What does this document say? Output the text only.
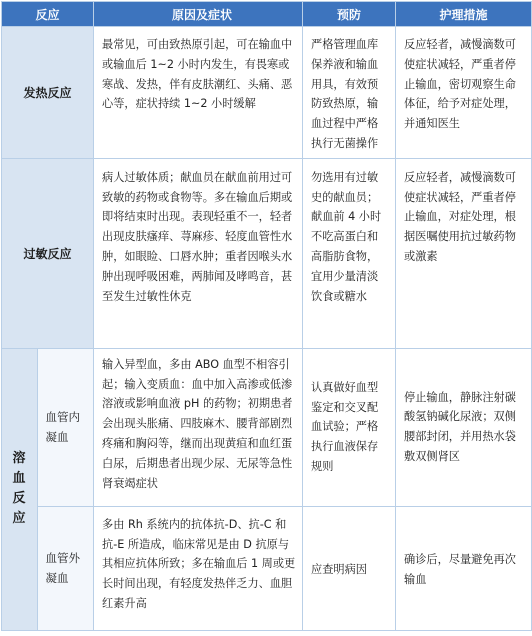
反应		原因及症状	预防	护理措施
发热反应		最常见，可由致热原引起，可在输血中或输血后 1~2 小时内发生，有畏寒或寒战、发热，伴有皮肤潮红、头痛、恶心等，症状持续 1~2 小时缓解	严格管理血库保养液和输血用具，有效预防致热原，输血过程中严格执行无菌操作	反应轻者，减慢滴数可使症状减轻，严重者停止输血，密切观察生命体征，给予对症处理，并通知医生
过敏反应		病人过敏体质；献血员在献血前用过可致敏的药物或食物等。多在输血后期或即将结束时出现。表现轻重不一，轻者出现皮肤瘙痒、荨麻疹、轻度血管性水肿，如眼睑、口唇水肿；重者因喉头水肿出现呼吸困难，两肺闻及哮鸣音，甚至发生过敏性休克	勿选用有过敏史的献血员；献血前 4 小时不吃高蛋白和高脂肪食物，宜用少量清淡饮食或糖水	反应轻者，减慢滴数可使症状减轻，严重者停止输血，对症处理，根据医嘱使用抗过敏药物或激素

溶
血
反
应	血管内凝血	输入异型血，多由 ABO 血型不相容引起；输入变质血：血中加入高渗或低渗溶液或影响血液 pH 的药物；初期患者会出现头胀痛、四肢麻木、腰背部剧烈疼痛和胸闷等，继而出现黄疸和血红蛋白尿，后期患者出现少尿、无尿等急性肾衰竭症状	认真做好血型鉴定和交叉配血试验；严格执行血液保存规则	停止输血，静脉注射碳酸氢钠碱化尿液；双侧腰部封闭，并用热水袋敷双侧肾区

	血管外凝血	多由 Rh 系统内的抗体抗-D、抗-C 和抗-E 所造成，临床常见是由 D 抗原与其相应抗体所致；多在输血后 1 周或更长时间出现，有轻度发热伴乏力、血胆红素升高	应查明病因	确诊后，尽量避免再次输血
